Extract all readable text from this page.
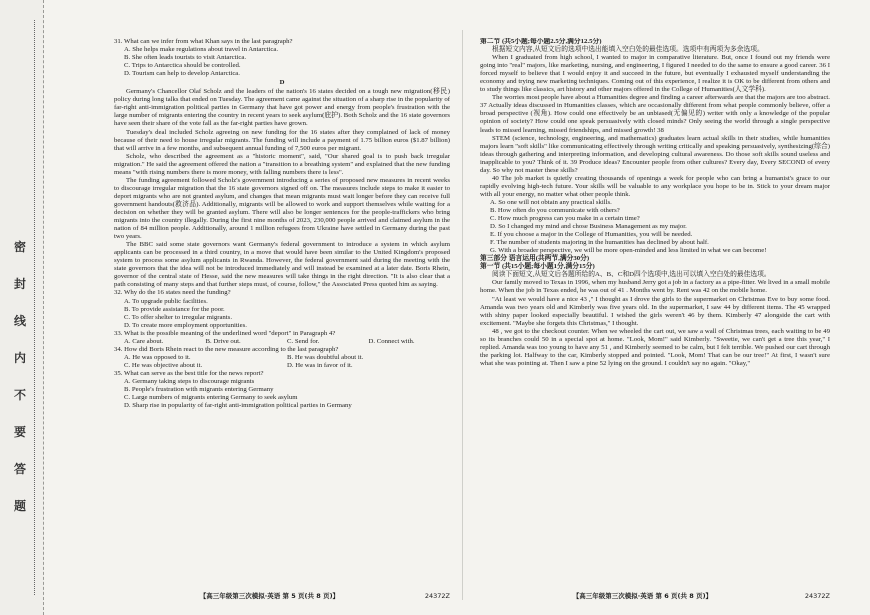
密
封
线
内
不
要
答
题
31. What can we infer from what Khan says in the last paragraph?
A. She helps make regulations about travel in Antarctica.
B. She often leads tourists to visit Antarctica.
C. Trips to Antarctica should be controlled.
D. Tourism can help to develop Antarctica.
D
Germany's Chancellor Olaf Scholz and the leaders of the nation's 16 states decided on a tough new migration(移民) policy during long talks that ended on Tuesday. The agreement came against the situation of a sharp rise in the popularity of far-right anti-immigration political parties in Germany that have got power and energy from people's frustration with the large number of migrants entering the country in recent years to seek asylum(庇护). Both Scholz and the 16 state governors have seen their share of the vote fall as the far-right parties have grown.
Tuesday's deal included Scholz agreeing on new funding for the 16 states after they complained of lack of money because of their need to house irregular migrants. The funding will include a payment of 1.75 billion euros ($1.87 billion) that will arrive in a few months, and subsequent annual funding of 7,500 euros per migrant.
Scholz, who described the agreement as a "historic moment", said, "Our shared goal is to push back irregular migration." He said the agreement offered the nation a "transition to a breathing system" and explained that the new funding means "with rising numbers there is more money, with falling numbers there is less".
The funding agreement followed Scholz's government introducing a series of proposed new measures in recent weeks to discourage irregular migration that the 16 state governors signed off on. The measures include steps to make it easier to deport migrants who are not granted asylum, and changes that mean migrants must wait longer before they can receive full government handouts(救济品). Additionally, migrants will be allowed to work and support themselves while waiting for a decision on whether they will be granted asylum. There will also be longer sentences for the people-traffickers who bring migrants into the country illegally. During the first nine months of 2023, 230,000 people arrived and claimed asylum in the nation of 84 million people. Additionally, around 1 million refugees from Ukraine have settled in Germany during the past two years.
The BBC said some state governors want Germany's federal government to introduce a system in which asylum applicants can be processed in a third country, in a move that would have been similar to the United Kingdom's proposed system to process some asylum applicants in Rwanda. However, the federal government said during the meeting with the state governors that the idea will not be introduced immediately and will instead be examined at a later date. Boris Rhein, governor of the central state of Hesse, said the new measures will take things in the right direction. "It is also clear that a path consisting of many steps and that further steps must, of course, follow," the Associated Press quoted him as saying.
32. Why do the 16 states need the funding?
A. To upgrade public facilities.
B. To provide assistance for the poor.
C. To offer shelter to irregular migrants.
D. To create more employment opportunities.
33. What is the possible meaning of the underlined word "deport" in Paragraph 4?
A. Care about.	B. Drive out.	C. Send for.	D. Connect with.
34. How did Boris Rhein react to the new measure according to the last paragraph?
A. He was opposed to it.	B. He was doubtful about it.
C. He was objective about it.	D. He was in favor of it.
35. What can serve as the best title for the news report?
A. Germany taking steps to discourage migrants
B. People's frustration with migrants entering Germany
C. Large numbers of migrants entering Germany to seek asylum
D. Sharp rise in popularity of far-right anti-immigration political parties in Germany
第二节 (共5小题;每小题2.5分,满分12.5分)
根据短文内容,从短文后的选项中选出能填入空白处的最佳选项。选项中有两项为多余选项。
When I graduated from high school, I wanted to major in comparative literature. But, once I found out my friends were going into "real" majors, like marketing, nursing, and engineering, I figured I needed to do the same to ensure a good career. 36 I forced myself to believe that I would enjoy it and succeed in the future, but eventually I exhausted myself understanding the economy and trying new marketing techniques. Coming out of this experience, I realize it is OK to be different from others and to study things like classics, art history and other majors offered in the College of Humanities(人文学科).
The worries most people have about a Humanities degree and finding a career afterwards are that the majors are too abstract. 37 Actually ideas discussed in Humanities classes, which are occasionally different from what people commonly believe, offer a broad perspective (视角). How could one effectively be an unbiased(无偏见的) writer with only a knowledge of the popular opinion of society? How could one speak persuasively with closed minds? Only seeing the world through a single perspective leads to missed learning, missed friendships, and missed growth! 38
STEM (science, technology, engineering, and mathematics) graduates learn actual skills in their studies, while humanities majors learn "soft skills" like communicating effectively through writing critically and speaking persuasively, synthesizing(综合) ideas through gathering and interpreting information, and developing cultural awareness. Do those soft skills sound useless and inapplicable to you? Think of it. 39 Produce ideas? Encounter people from other cultures? Every day, Every SECOND of every day. So why not master these skills?
40 The job market is quietly creating thousands of openings a week for people who can bring a humanist's grace to our rapidly evolving high-tech future. Your skills will be valuable to any workplace you hope to be in. Stick to your dream major with all your energy, no matter what other people think.
A. So one will not obtain any practical skills.
B. How often do you communicate with others?
C. How much progress can you make in a certain time?
D. So I changed my mind and chose Business Management as my major.
E. If you choose a major in the College of Humanities, you will be needed.
F. The number of students majoring in the humanities has declined by about half.
G. With a broader perspective, we will be more open-minded and less limited in what we can become!
第三部分 语言运用(共两节,满分30分)
第一节 (共15小题;每小题1分,满分15分)
阅读下面短文,从短文后各题所给的A、B、C和D四个选项中,选出可以填入空白处的最佳选项。
Our family moved to Texas in 1996, when my husband Jerry got a job in a factory as a pipe-fitter. We lived in a small mobile home. When the job in Texas ended, he was out of 41 . Months went by. Rent was 42 on the mobile home.
"At least we would have a nice 43 ," I thought as I drove the girls to the supermarket on Christmas Eve to buy some food. Amanda was two years old and Kimberly was five years old. In the supermarket, I saw 44 by different items. The 45 wrapped with shiny paper looked especially beautiful. I wished the girls weren't 46 by them. Kimberly 47 alongside the cart with excitement. "Maybe she forgets this Christmas," I thought.
48 , we got to the checkout counter. When we wheeled the cart out, we saw a wall of Christmas trees, each waiting to be 49 so its branches could 50 in a special spot at home. "Look, Mom!" said Kimberly. "Sweetie, we can't get a tree this year," I replied. Amanda was too young to have any 51 , and Kimberly seemed to be calm, but I felt terrible. We pushed our cart through the parking lot. Halfway to the car, Kimberly stopped and pointed. "Look, Mom! That can be our tree!" At first, I wasn't sure what she was pointing at. Then I saw a pine 52 lying on the ground. I couldn't say no again. "Okay,"
【高三年级第三次模拟·英语 第 5 页(共 8 页)】	24372Z	【高三年级第三次模拟·英语 第 6 页(共 8 页)】	24372Z
